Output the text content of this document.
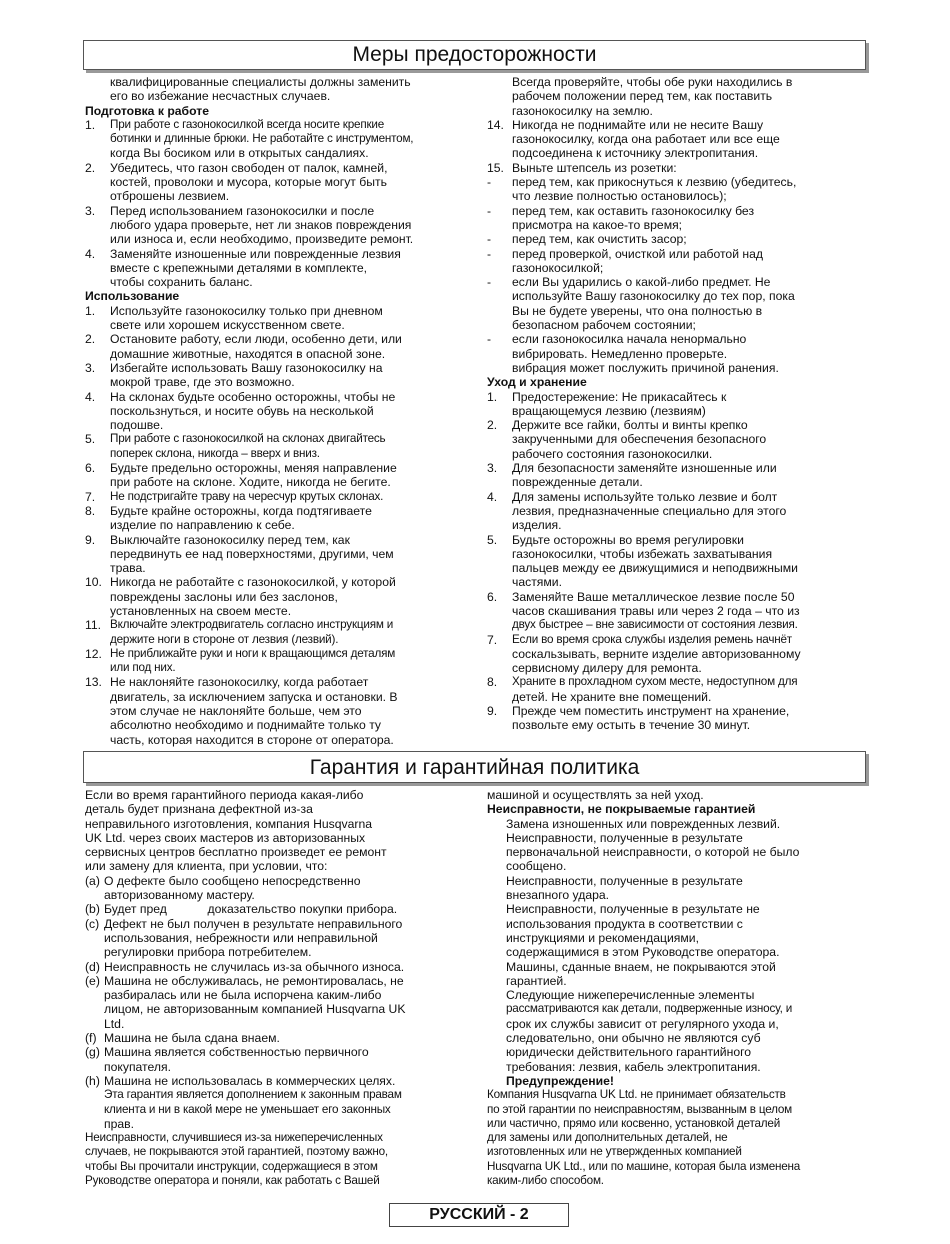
Меры предосторожности
квалифицированные специалисты должны заменить
его во избежание несчастных случаев.
Подготовка к работе
1.	При работе с газонокосилкой всегда носите крепкие
ботинки и длинные брюки. Не работайте с инструментом,
когда Вы босиком или в открытых сандалиях.
2.	Убедитесь, что газон свободен от палок, камней,
костей, проволоки и мусора, которые могут быть
отброшены лезвием.
3.	Перед использованием газонокосилки и после
любого удара проверьте, нет ли знаков повреждения
или износа и, если необходимо, произведите ремонт.
4.	Заменяйте изношенные или поврежденные лезвия
вместе с крепежными деталями в комплекте,
чтобы сохранить баланс.
Использование
1.	Используйте газонокосилку только при дневном
свете или хорошем искусственном свете.
2.	Остановите работу, если люди, особенно дети, или
домашние животные, находятся в опасной зоне.
3.	Избегайте использовать Вашу газонокосилку на
мокрой траве, где это возможно.
4.	На склонах будьте особенно осторожны, чтобы не
поскользнуться, и носите обувь на нескольк​ой
подошве.
5.	При работе с газонокосилкой на склонах двигайтесь
поперек склона, никогда – вверх и вниз.
6.	Будьте предельно осторожны, меняя направление
при работе на склоне. Ходите, никогда не бегите.
7.	Не подстригайте траву на чересчур крутых склонах.
8.	Будьте крайне осторожны, когда подтягиваете
изделие по направлению к себе.
9.	Выключайте газонокосилку перед тем, как
передвинуть ее над поверхностями, другими, чем
трава.
10. Никогда не работайте с газонокосилкой, у которой
повреждены заслоны или без заслонов,
установленных на своем месте.
11. Включайте электродвигатель согласно инструкциям и
держите ноги в стороне от лезвия (лезвий).
12. Не приближайте руки и ноги к вращающимся деталям
или под них.
13. Не наклоняйте газонокосилку, когда работает
двигатель, за исключением запуска и остановки. В
этом случае не наклоняйте больше, чем это
абсолютно необходимо и поднимайте только ту
часть, которая находится в стороне от оператора.
Всегда проверяйте, чтобы обе руки находились в
рабочем положении перед тем, как поставить
газонокосилку на землю.
14. Никогда не поднимайте или не несите Вашу
газонокосилку, когда она работает или все еще
подсоединена к источнику электропитания.
15. Выньте штепсель из розетки:
-	перед тем, как прикоснуться к лезвию (убедитесь,
что лезвие полностью остановилось);
-	перед тем, как оставить газонокосилку без
присмотра на какое-то время;
-	перед тем, как очистить засор;
-	перед проверкой, очисткой или работой над
газонокосилкой;
-	если Вы ударились о какой-либо предмет. Не
используйте Вашу газонокосилку до тех пор, пока
Вы не будете уверены, что она полностью в
безопасном рабочем состоянии;
-	если газонокосилка начала ненормально
вибрировать. Немедленно проверьте.
вибрация может послужить причиной ранения.
Уход и хранение
1.	Предостережение: Не прикасайтесь к
вращающемуся лезвию (лезвиям)
2.	Держите все гайки, болты и винты крепко
закрученными для обеспечения безопасного
рабочего состояния газонокосилки.
3.	Для безопасности заменяйте изношенные или
поврежденные детали.
4.	Для замены используйте только лезвие и болт
лезвия, предназначенные специально для этого
изделия.
5.	Будьте осторожны во время регулировки
газонокосилки, чтобы избежать захватывания
пальцев между ее движущимися и неподвижными
частями.
6.	Заменяйте Ваше металлическое лезвие после 50
часов скашивания травы или через 2 года – что из
двух быстрее – вне зависимости от состояния лезвия.
7.	Если во время срока службы изделия ремень начнёт
соскальзывать, верните изделие авторизованному
сервисному дилеру для ремонта.
8.	Храните в прохладном сухом месте, недоступном для
детей. Не храните вне помещений.
9.	Прежде чем поместить инструмент на хранение,
позвольте ему остыть в течение 30 минут.
Гарантия и гарантийная политика
Если во время гарантийного периода какая-либо
деталь будет признана дефектной из-за
неправильного изготовления, компания Husqvarna
UK Ltd. через своих мастеров из авторизованных
сервисных центров бесплатно произведет ее ремонт
или замену для клиента, при условии, что:
(a) О дефекте было сообщено непосредственно
авторизованному мастеру.
(b) Будет пред            доказательство покупки прибора.
(c) Дефект не был получен в результате неправильного
использования, небрежности или неправильной
регулировки прибора потребителем.
(d) Неисправность не случилась из-за обычного износа.
(e) Машина не обслуживалась, не ремонтировалась, не
разбиралась или не была испорчена каким-либо
лицом, не авторизованным компанией Husqvarna UK
Ltd.
(f) Машина не была сдана внаем.
(g) Машина является собственностью первичного
покупателя.
(h) Машина не использовалась в коммерческих целях.
Эта гарантия является дополнением к законным правам
клиента и ни в какой мере не уменьшает его законных
прав.
Неисправности, случившиеся из-за нижеперечисленных
случаев, не покрываются этой гарантией, поэтому важно,
чтобы Вы прочитали инструкции, содержащиеся в этом
Руководстве оператора и поняли, как работать с Вашей
машиной и осуществлять за ней уход.
Неисправности, не покрываемые гарантией
Замена изношенных или поврежденных лезвий.
Неисправности, полученные в результате
первоначальной неисправности, о которой не было
сообщено.
Неисправности, полученные в результате
внезапного удара.
Неисправности, полученные в результате не
использования продукта в соответствии с
инструкциями и рекомендациями,
содержащимися в этом Руководстве оператора.
Машины, сданные внаем, не покрываются этой
гарантией.
Следующие нижеперечисленные элементы
рассматриваются как детали, подверженные износу, и
срок их службы зависит от регулярного ухода и,
следовательно, они обычно не являются суб
юридически действительного гарантийного
требования: лезвия, кабель электропитания.
Предупреждение!
Компания Husqvarna UK Ltd. не принимает обязательств
по этой гарантии по неисправностям, вызванным в целом
или частично, прямо или косвенно, установкой деталей
для замены или дополнительных деталей, не
изготовленных или не утвержденных компанией
Husqvarna UK Ltd., или по машине, которая была изменена
каким-либо способом.
РУССКИЙ - 2
